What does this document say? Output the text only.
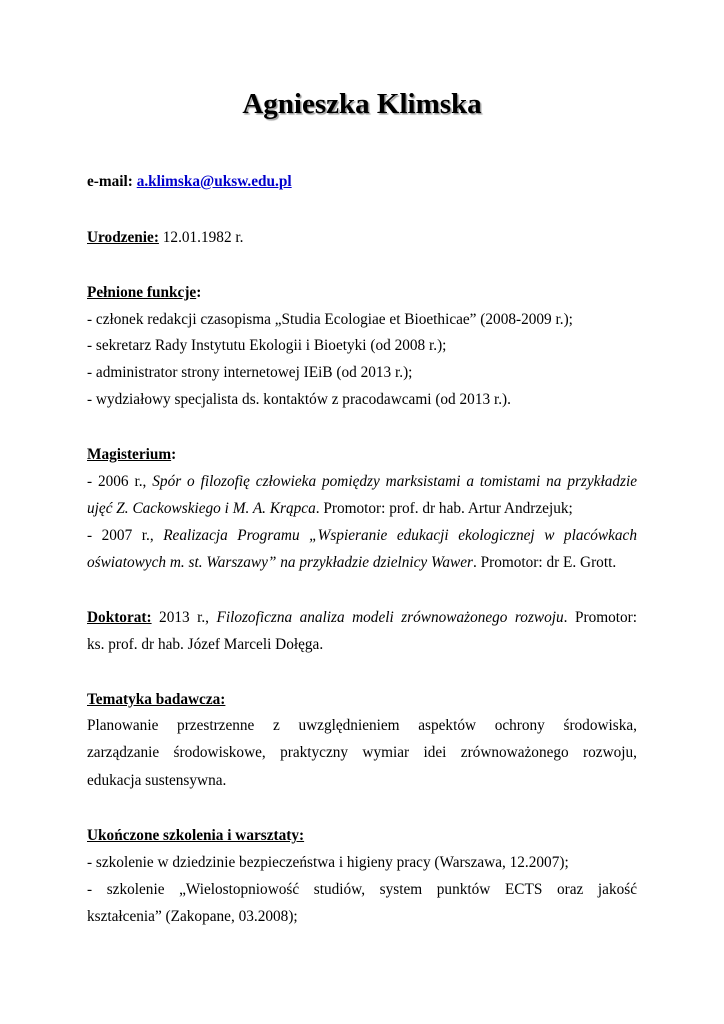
Agnieszka Klimska
e-mail: a.klimska@uksw.edu.pl
Urodzenie: 12.01.1982 r.
Pełnione funkcje:
- członek redakcji czasopisma „Studia Ecologiae et Bioethicae” (2008-2009 r.);
- sekretarz Rady Instytutu Ekologii i Bioetyki (od 2008 r.);
- administrator strony internetowej IEiB (od 2013 r.);
- wydziałowy specjalista ds. kontaktów z pracodawcami (od 2013 r.).
Magisterium:
- 2006 r., Spór o filozofię człowieka pomiędzy marksistami a tomistami na przykładzie
ujęć Z. Cackowskiego i M. A. Krąpca. Promotor: prof. dr hab. Artur Andrzejuk;
- 2007 r., Realizacja Programu „Wspieranie edukacji ekologicznej w placówkach
oświatowych m. st. Warszawy” na przykładzie dzielnicy Wawer. Promotor: dr E. Grott.
Doktorat: 2013 r., Filozoficzna analiza modeli zrównoważonego rozwoju. Promotor:
ks. prof. dr hab. Józef Marceli Dołęga.
Tematyka badawcza:
Planowanie przestrzenne z uwzględnieniem aspektów ochrony środowiska,
zarządzanie środowiskowe, praktyczny wymiar idei zrównoważonego rozwoju,
edukacja sustensywna.
Ukończone szkolenia i warsztaty:
- szkolenie w dziedzinie bezpieczeństwa i higieny pracy (Warszawa, 12.2007);
- szkolenie „Wielostopniowość studiów, system punktów ECTS oraz jakość
kształcenia” (Zakopane, 03.2008);
